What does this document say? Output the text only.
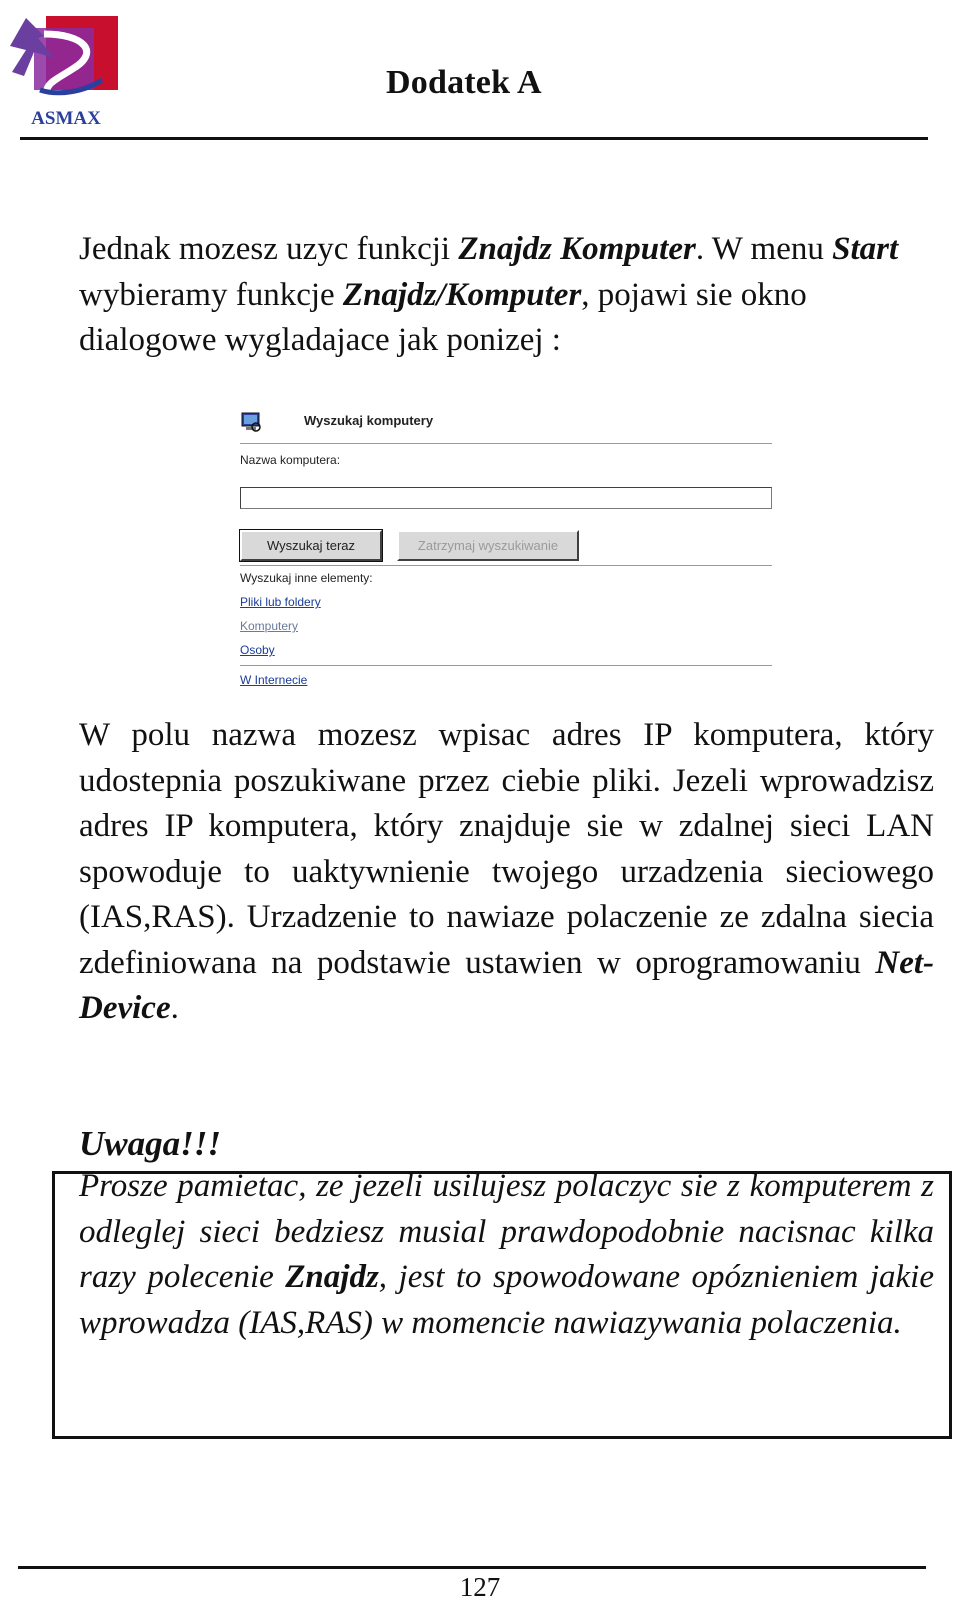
ASMAX
Dodatek A
Jednak mozesz uzyc funkcji Znajdz Komputer. W menu Start wybieramy funkcje Znajdz/Komputer, pojawi sie okno dialogowe wygladajace jak ponizej :
Wyszukaj komputery
Nazwa komputera:
Wyszukaj teraz	Zatrzymaj wyszukiwanie
Wyszukaj inne elementy:
Pliki lub foldery
Komputery
Osoby
W Internecie
W polu nazwa mozesz wpisac adres IP komputera, który udostepnia poszukiwane przez ciebie pliki. Jezeli wprowadzisz adres IP komputera, który znajduje sie w zdalnej sieci LAN spowoduje to uaktywnienie twojego urzadzenia sieciowego (IAS,RAS). Urzadzenie to nawiaze polaczenie ze zdalna siecia zdefiniowana na podstawie ustawien w oprogramowaniu Net-Device.
Uwaga!!!
Prosze pamietac, ze jezeli usilujesz polaczyc sie z komputerem z odleglej sieci bedziesz musial prawdopodobnie nacisnac kilka razy polecenie Znajdz, jest to spowodowane opóznieniem jakie wprowadza (IAS,RAS) w momencie nawiazywania polaczenia.
127
